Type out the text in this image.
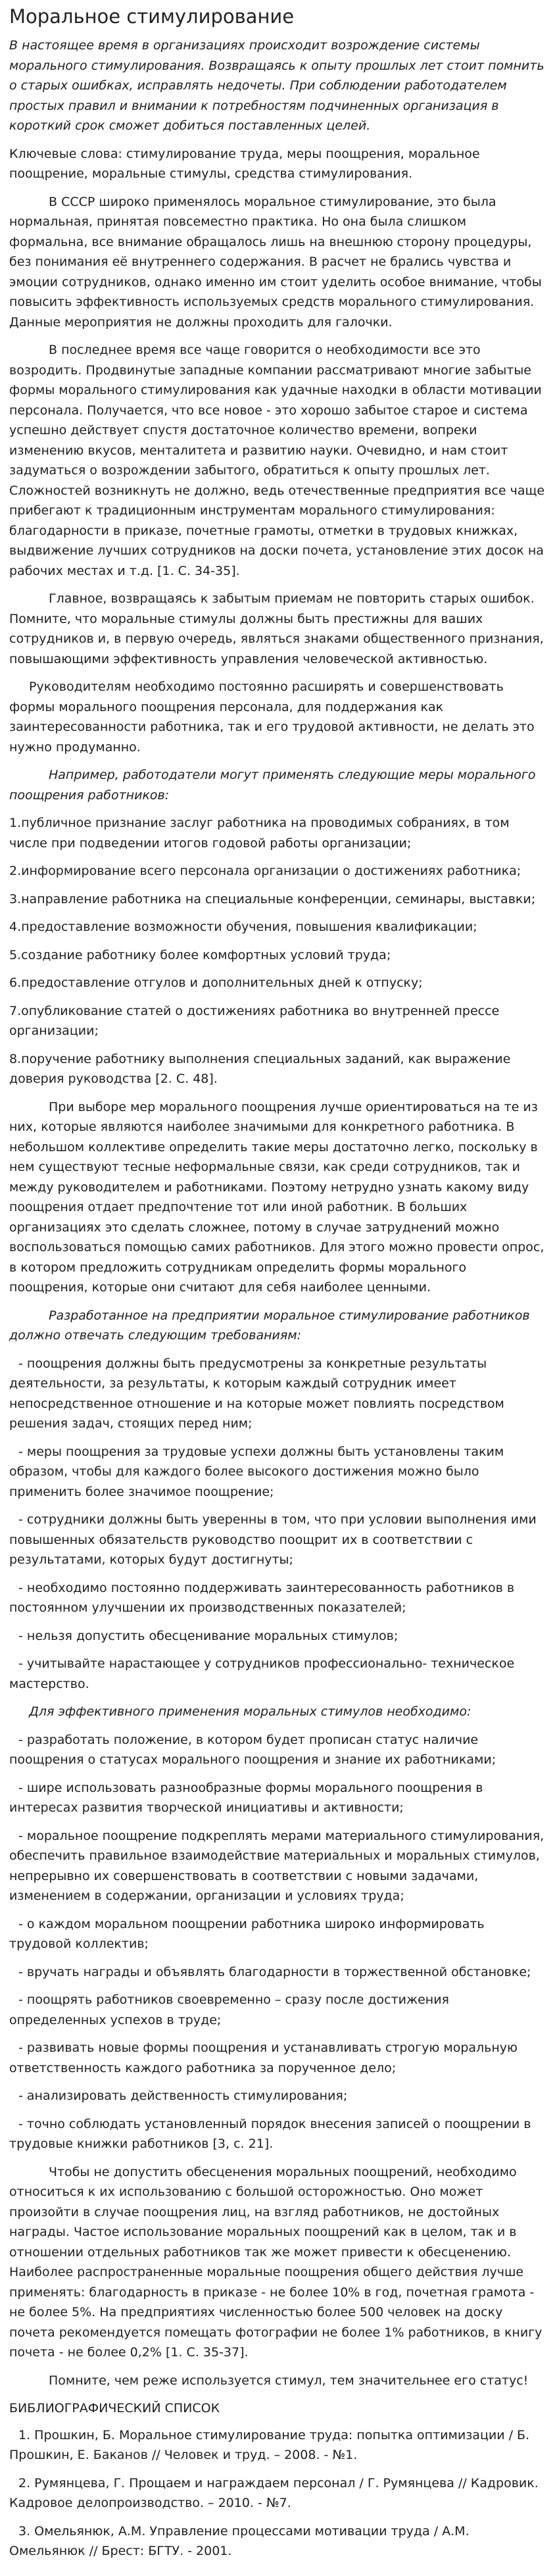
Моральное стимулирование

В настоящее время в организациях происходит возрождение системы морального стимулирования. Возвращаясь к опыту прошлых лет стоит помнить о старых ошибках, исправлять недочеты. При соблюдении работодателем простых правил и внимании к потребностям подчиненных организация в короткий срок сможет добиться поставленных целей.

Ключевые слова: стимулирование труда, меры поощрения, моральное поощрение, моральные стимулы, средства стимулирования.

В СССР широко применялось моральное стимулирование, это была нормальная, принятая повсеместно практика. Но она была слишком формальна, все внимание обращалось лишь на внешнюю сторону процедуры, без понимания её внутреннего содержания. В расчет не брались чувства и эмоции сотрудников, однако именно им стоит уделить особое внимание, чтобы повысить эффективность используемых средств морального стимулирования. Данные мероприятия не должны проходить для галочки.

В последнее время все чаще говорится о необходимости все это возродить. Продвинутые западные компании рассматривают многие забытые формы морального стимулирования как удачные находки в области мотивации персонала. Получается, что все новое - это хорошо забытое старое и система успешно действует спустя достаточное количество времени, вопреки изменению вкусов, менталитета и развитию науки. Очевидно, и нам стоит задуматься о возрождении забытого, обратиться к опыту прошлых лет. Сложностей возникнуть не должно, ведь отечественные предприятия все чаще прибегают к традиционным инструментам морального стимулирования: благодарности в приказе, почетные грамоты, отметки в трудовых книжках, выдвижение лучших сотрудников на доски почета, установление этих досок на рабочих местах и т.д. [1. С. 34-35].

Главное, возвращаясь к забытым приемам не повторить старых ошибок. Помните, что моральные стимулы должны быть престижны для ваших сотрудников и, в первую очередь, являться знаками общественного признания, повышающими эффективность управления человеческой активностью.

Руководителям необходимо постоянно расширять и совершенствовать формы морального поощрения персонала, для поддержания как заинтересованности работника, так и его трудовой активности, не делать это нужно продуманно.

Например, работодатели могут применять следующие меры морального поощрения работников:

1.публичное признание заслуг работника на проводимых собраниях, в том числе при подведении итогов годовой работы организации;
2.информирование всего персонала организации о достижениях работника;
3.направление работника на специальные конференции, семинары, выставки;
4.предоставление возможности обучения, повышения квалификации;
5.создание работнику более комфортных условий труда;
6.предоставление отгулов и дополнительных дней к отпуску;
7.опубликование статей о достижениях работника во внутренней прессе организации;
8.поручение работнику выполнения специальных заданий, как выражение доверия руководства [2. С. 48].

При выборе мер морального поощрения лучше ориентироваться на те из них, которые являются наиболее значимыми для конкретного работника. В небольшом коллективе определить такие меры достаточно легко, поскольку в нем существуют тесные неформальные связи, как среди сотрудников, так и между руководителем и работниками. Поэтому нетрудно узнать какому виду поощрения отдает предпочтение тот или иной работник. В больших организациях это сделать сложнее, потому в случае затруднений можно воспользоваться помощью самих работников. Для этого можно провести опрос, в котором предложить сотрудникам определить формы морального поощрения, которые они считают для себя наиболее ценными.

Разработанное на предприятии моральное стимулирование работников должно отвечать следующим требованиям:

- поощрения должны быть предусмотрены за конкретные результаты деятельности, за результаты, к которым каждый сотрудник имеет непосредственное отношение и на которые может повлиять посредством решения задач, стоящих перед ним;
- меры поощрения за трудовые успехи должны быть установлены таким образом, чтобы для каждого более высокого достижения можно было применить более значимое поощрение;
- сотрудники должны быть уверенны в том, что при условии выполнения ими повышенных обязательств руководство поощрит их в соответствии с результатами, которых будут достигнуты;
- необходимо постоянно поддерживать заинтересованность работников в постоянном улучшении их производственных показателей;
- нельзя допустить обесценивание моральных стимулов;
- учитывайте нарастающее у сотрудников профессионально- техническое мастерство.

Для эффективного применения моральных стимулов необходимо:

- разработать положение, в котором будет прописан статус наличие поощрения о статусах морального поощрения и знание их работниками;
- шире использовать разнообразные формы морального поощрения в интересах развития творческой инициативы и активности;
- моральное поощрение подкреплять мерами материального стимулирования, обеспечить правильное взаимодействие материальных и моральных стимулов, непрерывно их совершенствовать в соответствии с новыми задачами, изменением в содержании, организации и условиях труда;
- о каждом моральном поощрении работника широко информировать трудовой коллектив;
- вручать награды и объявлять благодарности в торжественной обстановке;
- поощрять работников своевременно – сразу после достижения определенных успехов в труде;
- развивать новые формы поощрения и устанавливать строгую моральную ответственность каждого работника за порученное дело;
- анализировать действенность стимулирования;
- точно соблюдать установленный порядок внесения записей о поощрении в трудовые книжки работников [3, с. 21].

Чтобы не допустить обесценения моральных поощрений, необходимо относиться к их использованию с большой осторожностью. Оно может произойти в случае поощрения лиц, на взгляд работников, не достойных награды. Частое использование моральных поощрений как в целом, так и в отношении отдельных работников так же может привести к обесценению. Наиболее распространенные моральные поощрения общего действия лучше применять: благодарность в приказе - не более 10% в год, почетная грамота - не более 5%. На предприятиях численностью более 500 человек на доску почета рекомендуется помещать фотографии не более 1% работников, в книгу почета - не более 0,2% [1. С. 35-37].

Помните, чем реже используется стимул, тем значительнее его статус!

БИБЛИОГРАФИЧЕСКИЙ СПИСОК

1. Прошкин, Б. Моральное стимулирование труда: попытка оптимизации / Б. Прошкин, Е. Баканов // Человек и труд. – 2008. - №1.
2. Румянцева, Г. Прощаем и награждаем персонал / Г. Румянцева // Кадровик. Кадровое делопроизводство. – 2010. - №7.
3. Омельянюк, А.М. Управление процессами мотивации труда / А.М. Омельянюк // Брест: БГТУ. - 2001.
